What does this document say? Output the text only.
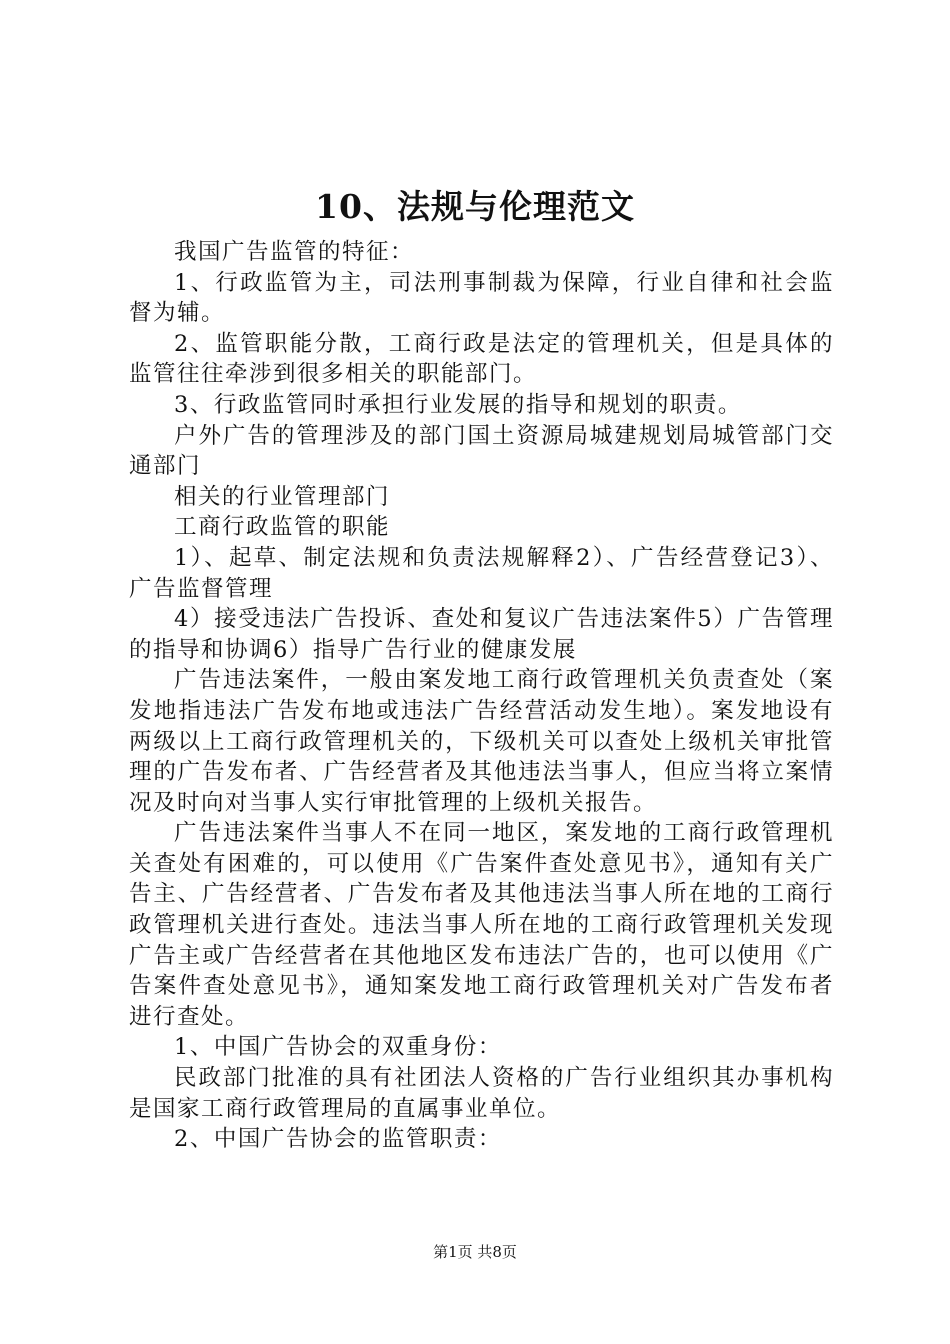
10、法规与伦理范文

我国广告监管的特征：

1、行政监管为主，司法刑事制裁为保障，行业自律和社会监督为辅。

2、监管职能分散，工商行政是法定的管理机关，但是具体的监管往往牵涉到很多相关的职能部门。

3、行政监管同时承担行业发展的指导和规划的职责。

户外广告的管理涉及的部门国土资源局城建规划局城管部门交通部门

相关的行业管理部门

工商行政监管的职能

1）、起草、制定法规和负责法规解释2）、广告经营登记3）、广告监督管理

4）接受违法广告投诉、查处和复议广告违法案件5）广告管理的指导和协调6）指导广告行业的健康发展

广告违法案件，一般由案发地工商行政管理机关负责查处（案发地指违法广告发布地或违法广告经营活动发生地）。案发地设有两级以上工商行政管理机关的，下级机关可以查处上级机关审批管理的广告发布者、广告经营者及其他违法当事人，但应当将立案情况及时向对当事人实行审批管理的上级机关报告。

广告违法案件当事人不在同一地区，案发地的工商行政管理机关查处有困难的，可以使用《广告案件查处意见书》，通知有关广告主、广告经营者、广告发布者及其他违法当事人所在地的工商行政管理机关进行查处。违法当事人所在地的工商行政管理机关发现广告主或广告经营者在其他地区发布违法广告的，也可以使用《广告案件查处意见书》，通知案发地工商行政管理机关对广告发布者进行查处。

1、中国广告协会的双重身份：

民政部门批准的具有社团法人资格的广告行业组织其办事机构是国家工商行政管理局的直属事业单位。

2、中国广告协会的监管职责：

第1页 共8页
